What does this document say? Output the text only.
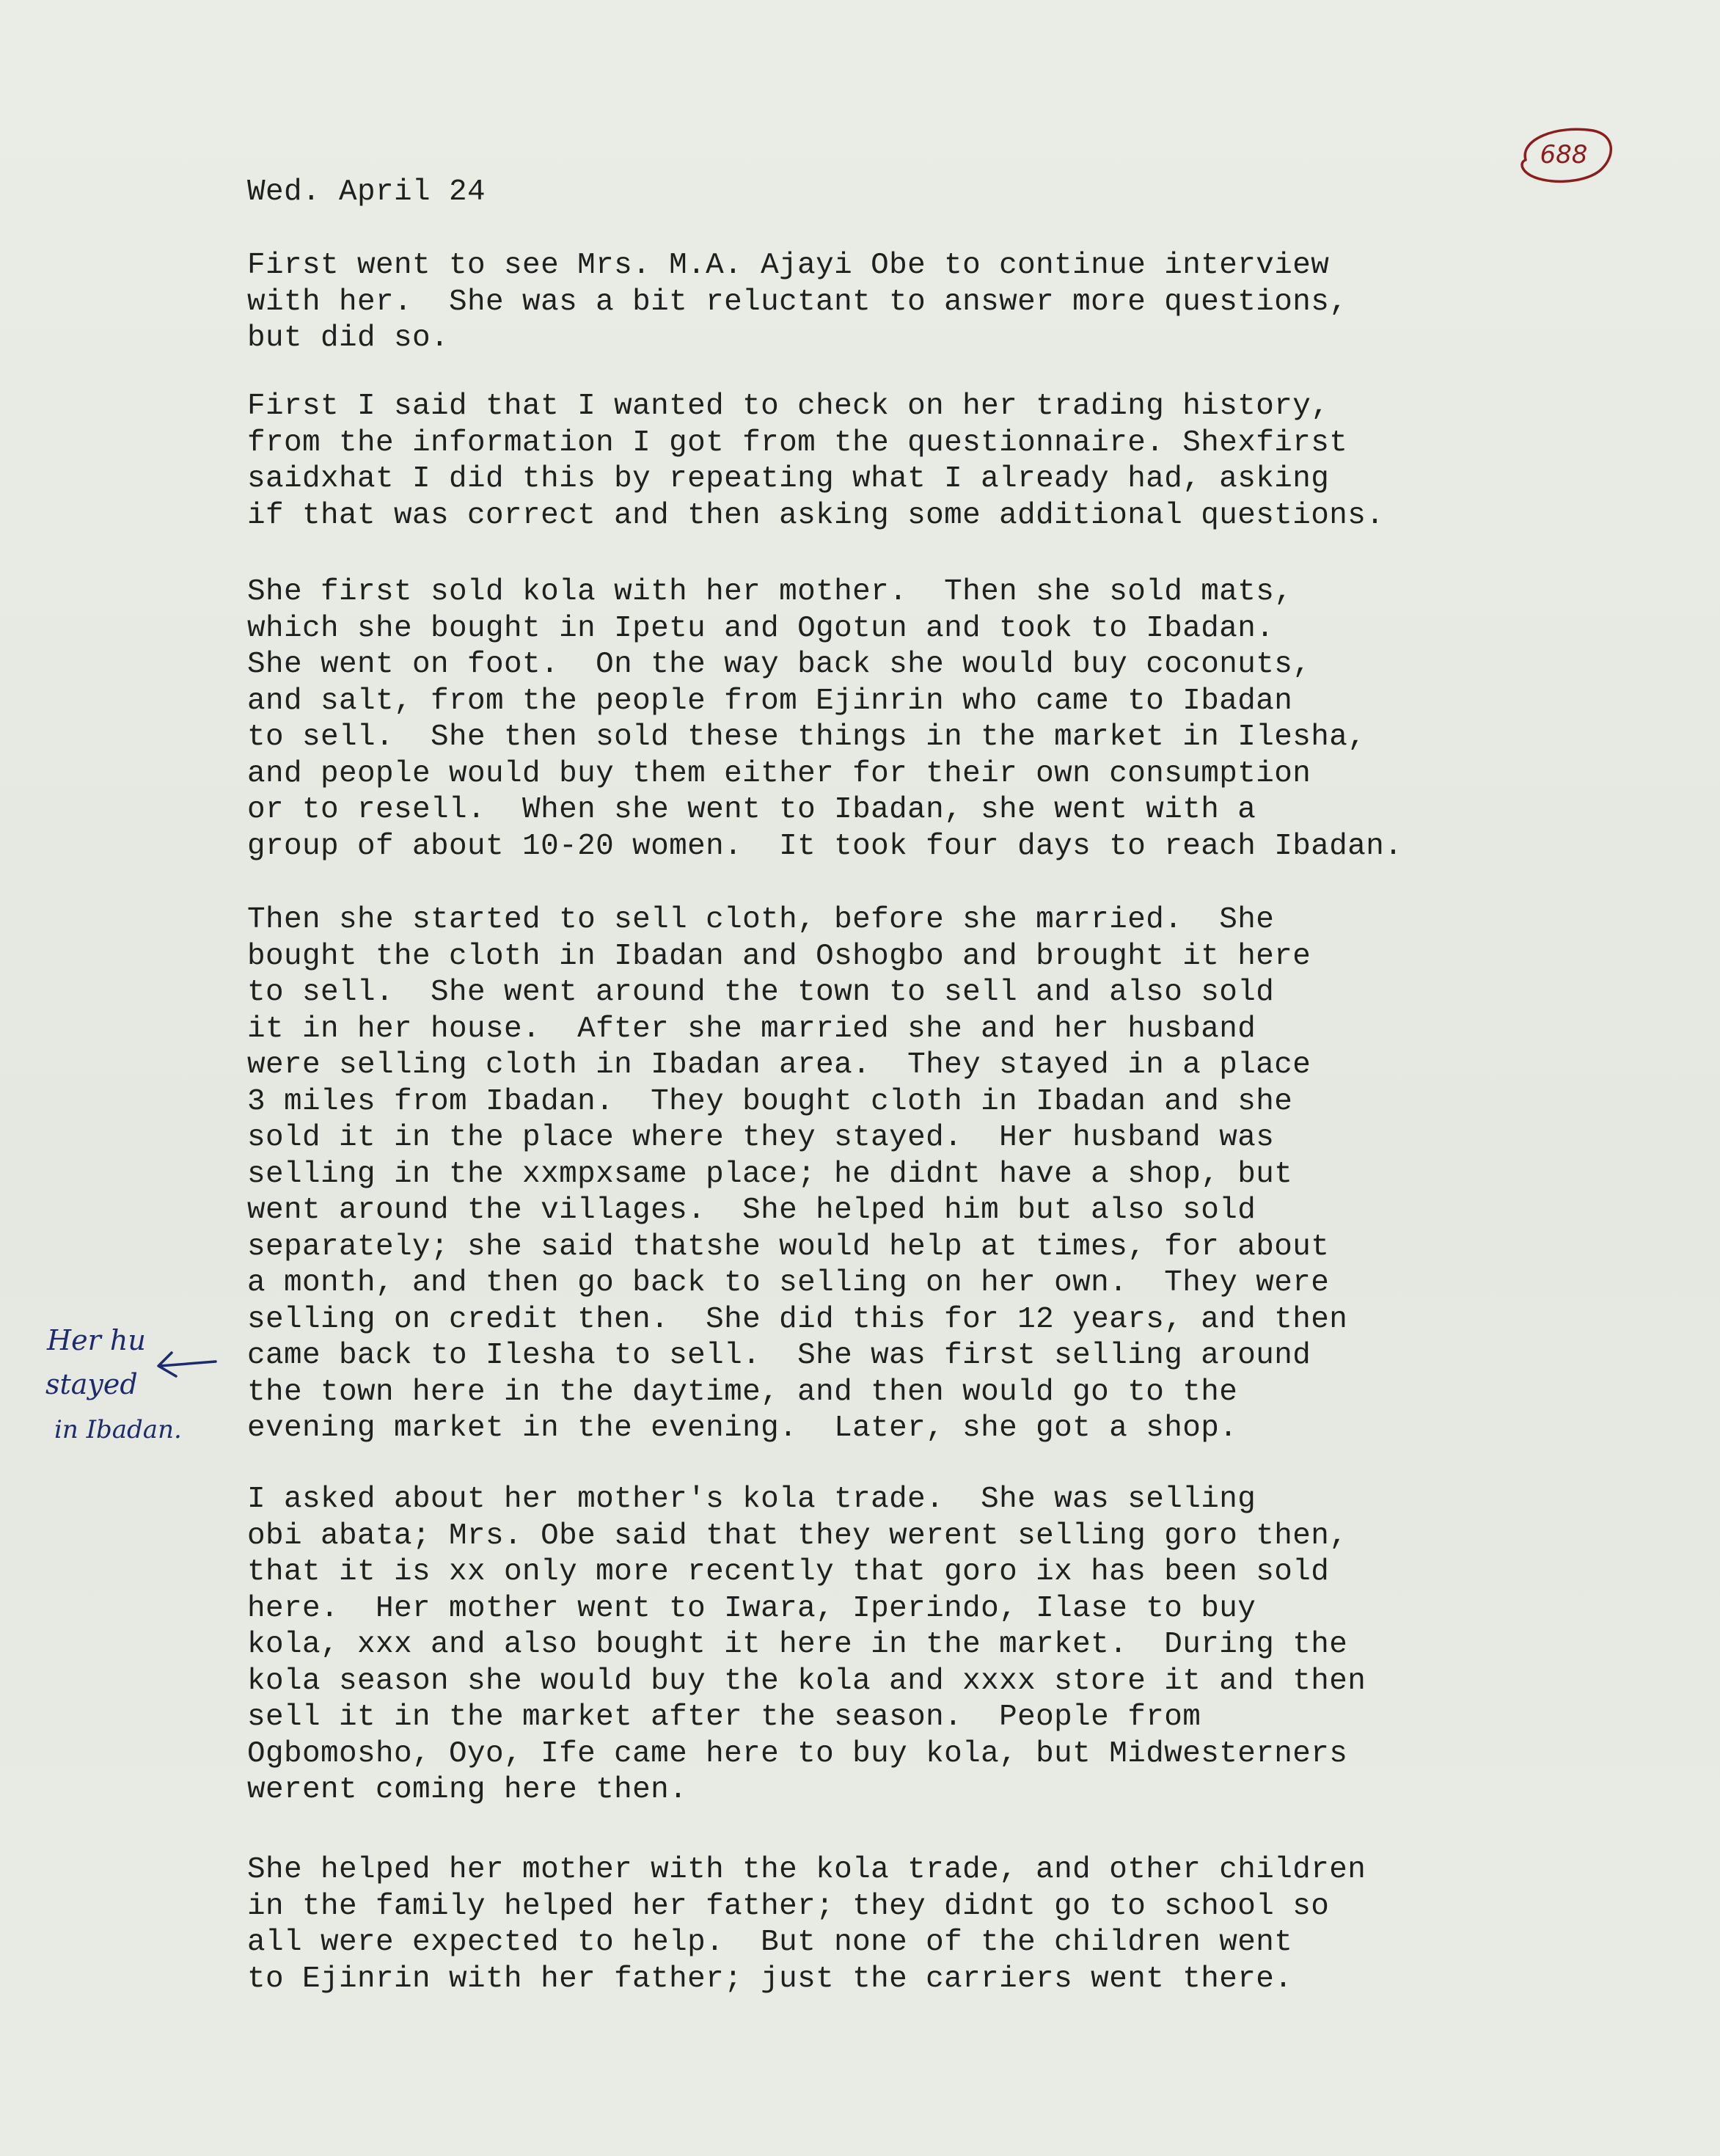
688
Wed. April 24
First went to see Mrs. M.A. Ajayi Obe to continue interview
with her.  She was a bit reluctant to answer more questions,
but did so.
First I said that I wanted to check on her trading history,
from the information I got from the questionnaire. Shexfirst
saidxhat I did this by repeating what I already had, asking
if that was correct and then asking some additional questions.
She first sold kola with her mother.  Then she sold mats,
which she bought in Ipetu and Ogotun and took to Ibadan.
She went on foot.  On the way back she would buy coconuts,
and salt, from the people from Ejinrin who came to Ibadan
to sell.  She then sold these things in the market in Ilesha,
and people would buy them either for their own consumption
or to resell.  When she went to Ibadan, she went with a
group of about 10-20 women.  It took four days to reach Ibadan.
Then she started to sell cloth, before she married.  She
bought the cloth in Ibadan and Oshogbo and brought it here
to sell.  She went around the town to sell and also sold
it in her house.  After she married she and her husband
were selling cloth in Ibadan area.  They stayed in a place
3 miles from Ibadan.  They bought cloth in Ibadan and she
sold it in the place where they stayed.  Her husband was
selling in the xxmpxsame place; he didnt have a shop, but
went around the villages.  She helped him but also sold
separately; she said thatshe would help at times, for about
a month, and then go back to selling on her own.  They were
selling on credit then.  She did this for 12 years, and then
came back to Ilesha to sell.  She was first selling around
the town here in the daytime, and then would go to the
evening market in the evening.  Later, she got a shop.
I asked about her mother's kola trade.  She was selling
obi abata; Mrs. Obe said that they werent selling goro then,
that it is xx only more recently that goro ix has been sold
here.  Her mother went to Iwara, Iperindo, Ilase to buy
kola, xxx and also bought it here in the market.  During the
kola season she would buy the kola and xxxx store it and then
sell it in the market after the season.  People from
Ogbomosho, Oyo, Ife came here to buy kola, but Midwesterners
werent coming here then.
She helped her mother with the kola trade, and other children
in the family helped her father; they didnt go to school so
all were expected to help.  But none of the children went
to Ejinrin with her father; just the carriers went there.
Her hu
stayed
in Ibadan.
